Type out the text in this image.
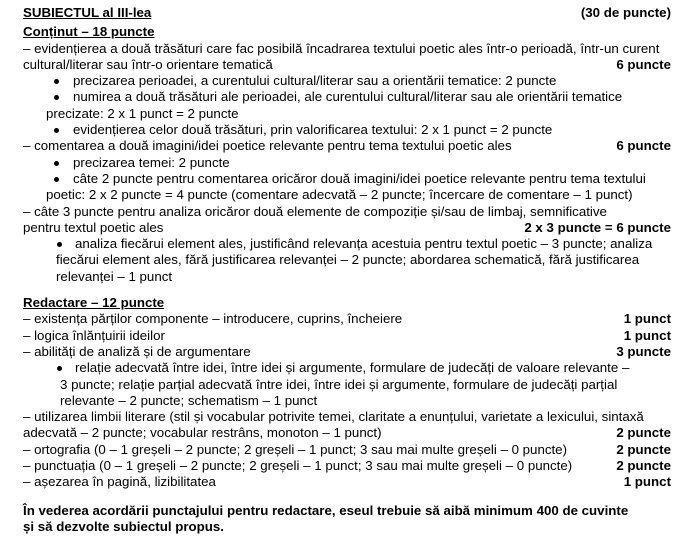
SUBIECTUL al III-lea	(30 de puncte)
Conținut – 18 puncte
– evidențierea a două trăsături care fac posibilă încadrarea textului poetic ales într-o perioadă, într-un curent
cultural/literar sau într-o orientare tematică	6 puncte
precizarea perioadei, a curentului cultural/literar sau a orientării tematice: 2 puncte
numirea a două trăsături ale perioadei, ale curentului cultural/literar sau ale orientării tematice
precizate: 2 x 1 punct = 2 puncte
evidențierea celor două trăsături, prin valorificarea textului: 2 x 1 punct = 2 puncte
– comentarea a două imagini/idei poetice relevante pentru tema textului poetic ales	6 puncte
precizarea temei: 2 puncte
câte 2 puncte pentru comentarea oricăror două imagini/idei poetice relevante pentru tema textului
poetic: 2 x 2 puncte = 4 puncte (comentare adecvată – 2 puncte; încercare de comentare – 1 punct)
– câte 3 puncte pentru analiza oricăror două elemente de compoziție și/sau de limbaj, semnificative
pentru textul poetic ales	2 x 3 puncte = 6 puncte
analiza fiecărui element ales, justificând relevanța acestuia pentru textul poetic – 3 puncte; analiza
fiecărui element ales, fără justificarea relevanței – 2 puncte; abordarea schematică, fără justificarea
relevanței – 1 punct
Redactare – 12 puncte
– existența părților componente – introducere, cuprins, încheiere	1 punct
– logica înlănțuirii ideilor	1 punct
– abilități de analiză și de argumentare	3 puncte
relație adecvată între idei, între idei și argumente, formulare de judecăți de valoare relevante –
3 puncte; relație parțial adecvată între idei, între idei și argumente, formulare de judecăți parțial
relevante – 2 puncte; schematism – 1 punct
– utilizarea limbii literare (stil și vocabular potrivite temei, claritate a enunțului, varietate a lexicului, sintaxă
adecvată – 2 puncte; vocabular restrâns, monoton – 1 punct)	2 puncte
– ortografia (0 – 1 greșeli – 2 puncte; 2 greșeli – 1 punct; 3 sau mai multe greșeli – 0 puncte)	2 puncte
– punctuația (0 – 1 greșeli – 2 puncte; 2 greșeli – 1 punct; 3 sau mai multe greșeli – 0 puncte)	2 puncte
– așezarea în pagină, lizibilitatea	1 punct
În vederea acordării punctajului pentru redactare, eseul trebuie să aibă minimum 400 de cuvinte
și să dezvolte subiectul propus.
